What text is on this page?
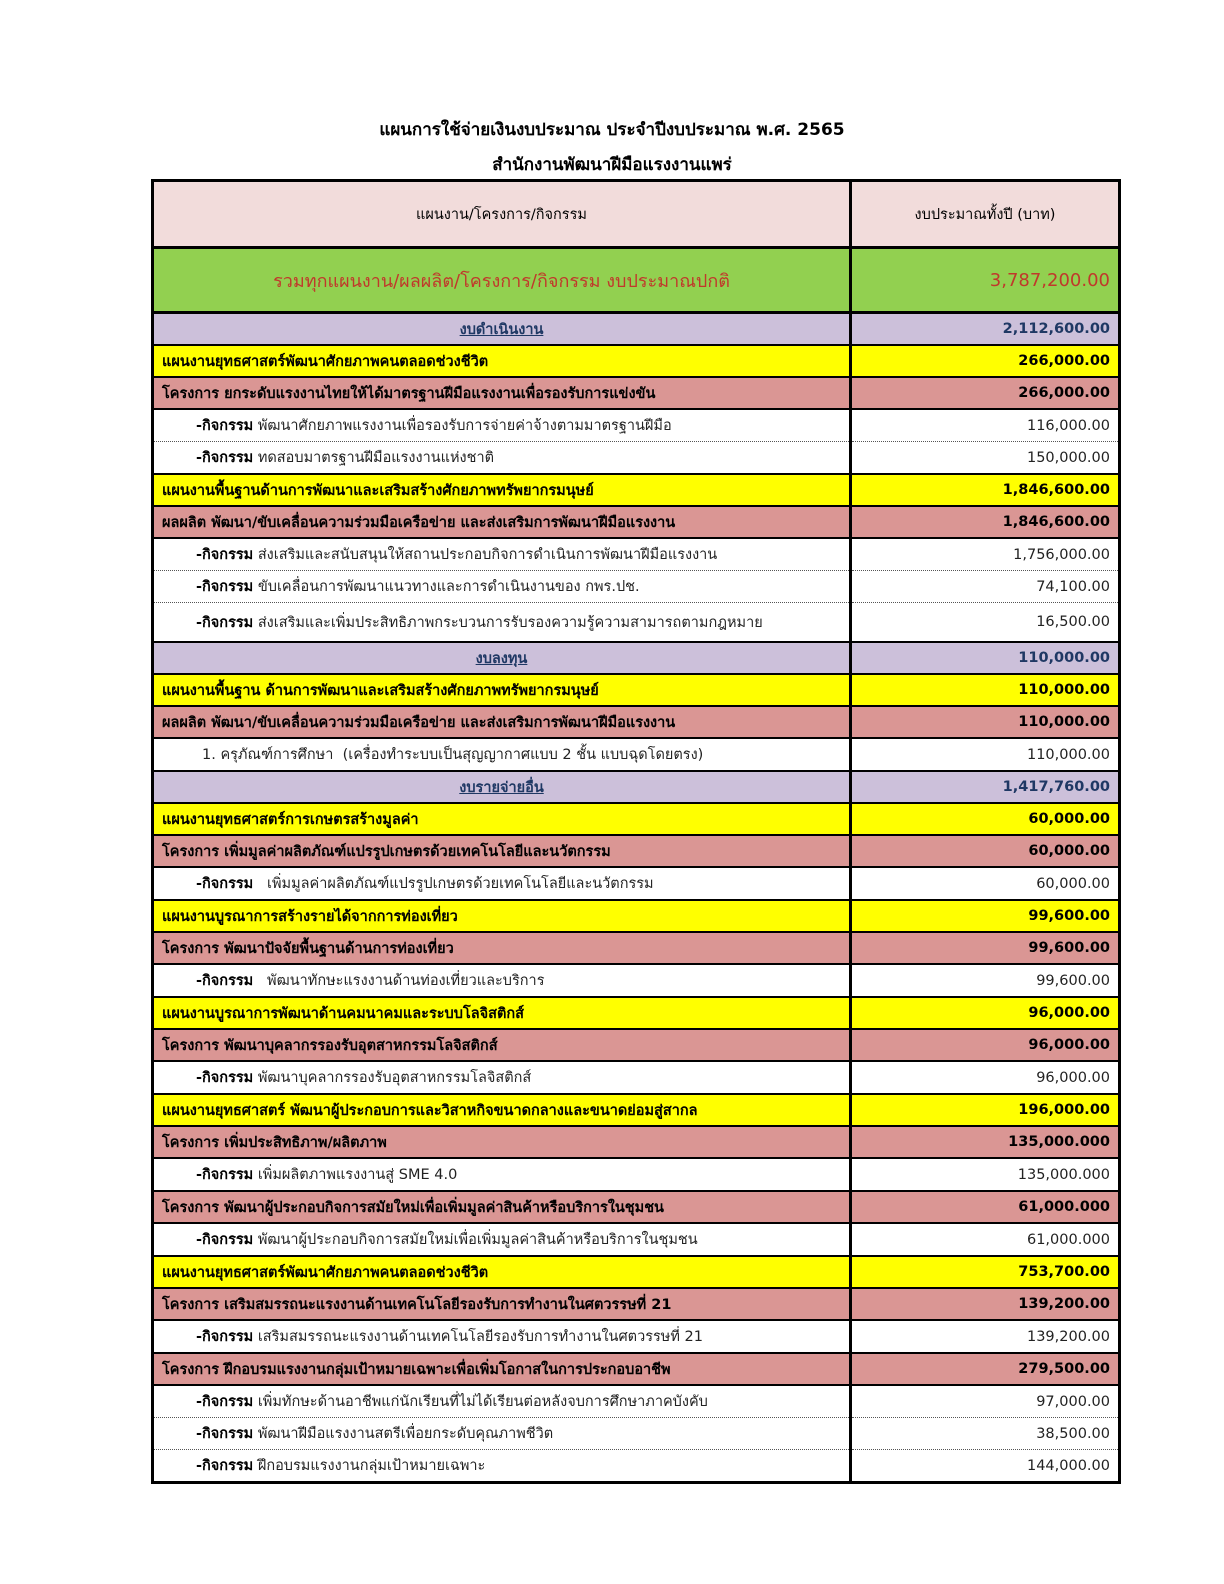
แผนการใช้จ่ายเงินงบประมาณ ประจำปีงบประมาณ พ.ศ. 2565
สำนักงานพัฒนาฝีมือแรงงานแพร่
แผนงาน/โครงการ/กิจกรรม	งบประมาณทั้งปี (บาท)
รวมทุกแผนงาน/ผลผลิต/โครงการ/กิจกรรม งบประมาณปกติ	3,787,200.00
งบดำเนินงาน	2,112,600.00
แผนงานยุทธศาสตร์พัฒนาศักยภาพคนตลอดช่วงชีวิต	266,000.00
โครงการ ยกระดับแรงงานไทยให้ได้มาตรฐานฝีมือแรงงานเพื่อรองรับการแข่งขัน	266,000.00
-กิจกรรม พัฒนาศักยภาพแรงงานเพื่อรองรับการจ่ายค่าจ้างตามมาตรฐานฝีมือ	116,000.00
-กิจกรรม ทดสอบมาตรฐานฝีมือแรงงานแห่งชาติ	150,000.00
แผนงานพื้นฐานด้านการพัฒนาและเสริมสร้างศักยภาพทรัพยากรมนุษย์	1,846,600.00
ผลผลิต พัฒนา/ขับเคลื่อนความร่วมมือเครือข่าย และส่งเสริมการพัฒนาฝีมือแรงงาน	1,846,600.00
-กิจกรรม ส่งเสริมและสนับสนุนให้สถานประกอบกิจการดำเนินการพัฒนาฝีมือแรงงาน	1,756,000.00
-กิจกรรม ขับเคลื่อนการพัฒนาแนวทางและการดำเนินงานของ กพร.ปช.	74,100.00
-กิจกรรม ส่งเสริมและเพิ่มประสิทธิภาพกระบวนการรับรองความรู้ความสามารถตามกฎหมาย	16,500.00
งบลงทุน	110,000.00
แผนงานพื้นฐาน ด้านการพัฒนาและเสริมสร้างศักยภาพทรัพยากรมนุษย์	110,000.00
ผลผลิต พัฒนา/ขับเคลื่อนความร่วมมือเครือข่าย และส่งเสริมการพัฒนาฝีมือแรงงาน	110,000.00
1. ครุภัณฑ์การศึกษา  (เครื่องทำระบบเป็นสุญญากาศแบบ 2 ชั้น แบบฉุดโดยตรง)	110,000.00
งบรายจ่ายอื่น	1,417,760.00
แผนงานยุทธศาสตร์การเกษตรสร้างมูลค่า	60,000.00
โครงการ เพิ่มมูลค่าผลิตภัณฑ์แปรรูปเกษตรด้วยเทคโนโลยีและนวัตกรรม	60,000.00
-กิจกรรม   เพิ่มมูลค่าผลิตภัณฑ์แปรรูปเกษตรด้วยเทคโนโลยีและนวัตกรรม	60,000.00
แผนงานบูรณาการสร้างรายได้จากการท่องเที่ยว	99,600.00
โครงการ พัฒนาปัจจัยพื้นฐานด้านการท่องเที่ยว	99,600.00
-กิจกรรม   พัฒนาทักษะแรงงานด้านท่องเที่ยวและบริการ	99,600.00
แผนงานบูรณาการพัฒนาด้านคมนาคมและระบบโลจิสติกส์	96,000.00
โครงการ พัฒนาบุคลากรรองรับอุตสาหกรรมโลจิสติกส์	96,000.00
-กิจกรรม พัฒนาบุคลากรรองรับอุตสาหกรรมโลจิสติกส์	96,000.00
แผนงานยุทธศาสตร์ พัฒนาผู้ประกอบการและวิสาหกิจขนาดกลางและขนาดย่อมสู่สากล	196,000.00
โครงการ เพิ่มประสิทธิภาพ/ผลิตภาพ	135,000.000
-กิจกรรม เพิ่มผลิตภาพแรงงานสู่ SME 4.0	135,000.000
โครงการ พัฒนาผู้ประกอบกิจการสมัยใหม่เพื่อเพิ่มมูลค่าสินค้าหรือบริการในชุมชน	61,000.000
-กิจกรรม พัฒนาผู้ประกอบกิจการสมัยใหม่เพื่อเพิ่มมูลค่าสินค้าหรือบริการในชุมชน	61,000.000
แผนงานยุทธศาสตร์พัฒนาศักยภาพคนตลอดช่วงชีวิต	753,700.00
โครงการ เสริมสมรรถนะแรงงานด้านเทคโนโลยีรองรับการทำงานในศตวรรษที่ 21	139,200.00
-กิจกรรม เสริมสมรรถนะแรงงานด้านเทคโนโลยีรองรับการทำงานในศตวรรษที่ 21	139,200.00
โครงการ ฝึกอบรมแรงงานกลุ่มเป้าหมายเฉพาะเพื่อเพิ่มโอกาสในการประกอบอาชีพ	279,500.00
-กิจกรรม เพิ่มทักษะด้านอาชีพแก่นักเรียนที่ไม่ได้เรียนต่อหลังจบการศึกษาภาคบังคับ	97,000.00
-กิจกรรม พัฒนาฝีมือแรงงานสตรีเพื่อยกระดับคุณภาพชีวิต	38,500.00
-กิจกรรม ฝึกอบรมแรงงานกลุ่มเป้าหมายเฉพาะ	144,000.00
